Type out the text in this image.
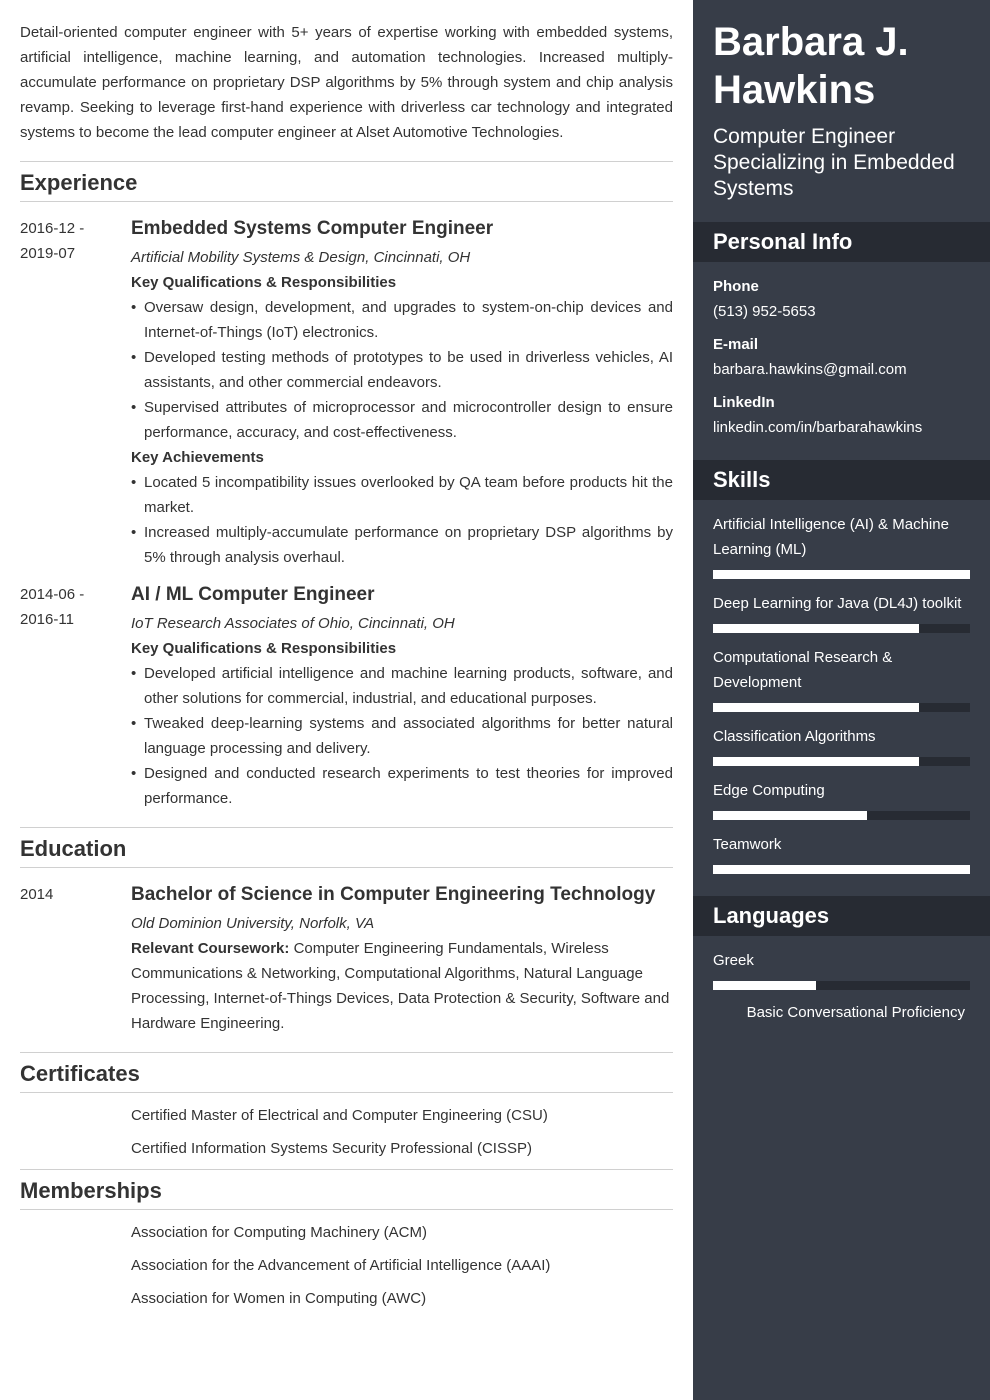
Detail-oriented computer engineer with 5+ years of expertise working with embedded systems, artificial intelligence, machine learning, and automation technologies. Increased multiply-accumulate performance on proprietary DSP algorithms by 5% through system and chip analysis revamp. Seeking to leverage first-hand experience with driverless car technology and integrated systems to become the lead computer engineer at Alset Automotive Technologies.

Experience
2016-12 -
2019-07
Embedded Systems Computer Engineer
Artificial Mobility Systems & Design, Cincinnati, OH
Key Qualifications & Responsibilities
• Oversaw design, development, and upgrades to system-on-chip devices and Internet-of-Things (IoT) electronics.
• Developed testing methods of prototypes to be used in driverless vehicles, AI assistants, and other commercial endeavors.
• Supervised attributes of microprocessor and microcontroller design to ensure performance, accuracy, and cost-effectiveness.
Key Achievements
• Located 5 incompatibility issues overlooked by QA team before products hit the market.
• Increased multiply-accumulate performance on proprietary DSP algorithms by 5% through analysis overhaul.
2014-06 -
2016-11
AI / ML Computer Engineer
IoT Research Associates of Ohio, Cincinnati, OH
Key Qualifications & Responsibilities
• Developed artificial intelligence and machine learning products, software, and other solutions for commercial, industrial, and educational purposes.
• Tweaked deep-learning systems and associated algorithms for better natural language processing and delivery.
• Designed and conducted research experiments to test theories for improved performance.
Education
2014	Bachelor of Science in Computer Engineering Technology
Old Dominion University, Norfolk, VA
Relevant Coursework: Computer Engineering Fundamentals, Wireless Communications & Networking, Computational Algorithms, Natural Language Processing, Internet-of-Things Devices, Data Protection & Security, Software and Hardware Engineering.
Certificates
Certified Master of Electrical and Computer Engineering (CSU)
Certified Information Systems Security Professional (CISSP)
Memberships
Association for Computing Machinery (ACM)
Association for the Advancement of Artificial Intelligence (AAAI)
Association for Women in Computing (AWC)
Barbara J. Hawkins
Computer Engineer Specializing in Embedded Systems
Personal Info
Phone
(513) 952-5653
E-mail
barbara.hawkins@gmail.com
LinkedIn
linkedin.com/in/barbarahawkins
Skills
Artificial Intelligence (AI) & Machine Learning (ML)
Deep Learning for Java (DL4J) toolkit
Computational Research & Development
Classification Algorithms
Edge Computing
Teamwork
Languages
Greek
Basic Conversational Proficiency
